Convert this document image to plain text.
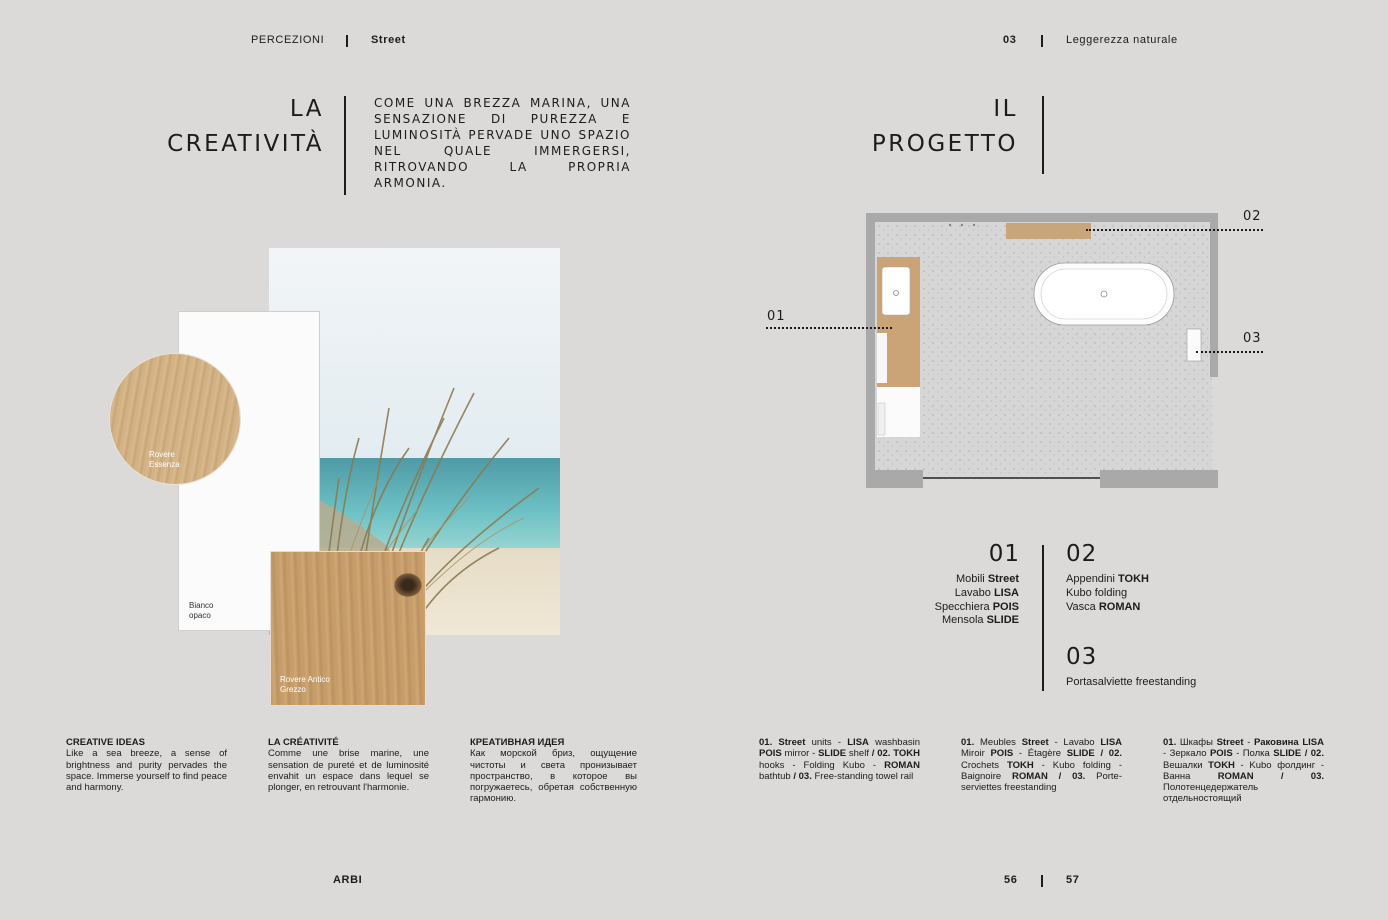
PERCEZIONI	Street	03	Leggerezza naturale
LA
CREATIVITÀ
COME UNA BREZZA MARINA, UNA SENSAZIONE DI PUREZZA E LUMINOSITÀ PERVADE UNO SPAZIO NEL QUALE IMMERGERSI, RITROVANDO LA PROPRIA ARMONIA.
IL
PROGETTO
Bianco
opaco
Rovere
Essenza
Rovere Antico
Grezzo
01
02
03
01
Mobili Street
Lavabo LISA
Specchiera POIS
Mensola SLIDE
02
Appendini TOKH
Kubo folding
Vasca ROMAN
03
Portasalviette freestanding
CREATIVE IDEAS
Like a sea breeze, a sense of brightness and purity pervades the space. Immerse yourself to find peace and harmony.
LA CRÉATIVITÉ
Comme une brise marine, une sensation de pureté et de luminosité envahit un espace dans lequel se plonger, en retrouvant l'harmonie.
КРЕАТИВНАЯ ИДЕЯ
Как морской бриз, ощущение чистоты и света пронизывает пространство, в которое вы погружаетесь, обретая собственную гармонию.
01. Street units - LISA washbasin POIS mirror - SLIDE shelf / 02. TOKH hooks - Folding Kubo - ROMAN bathtub / 03. Free-standing towel rail
01. Meubles Street - Lavabo LISA Miroir POIS - Étagère SLIDE / 02. Crochets TOKH - Kubo folding - Baignoire ROMAN / 03. Porte-serviettes freestanding
01. Шкафы Street - Раковина LISA - Зеркало POIS - Полка SLIDE / 02. Вешалки TOKH - Kubo фолдинг - Ванна ROMAN / 03. Полотенцедержатель отдельностоящий
ARBI	56	57
